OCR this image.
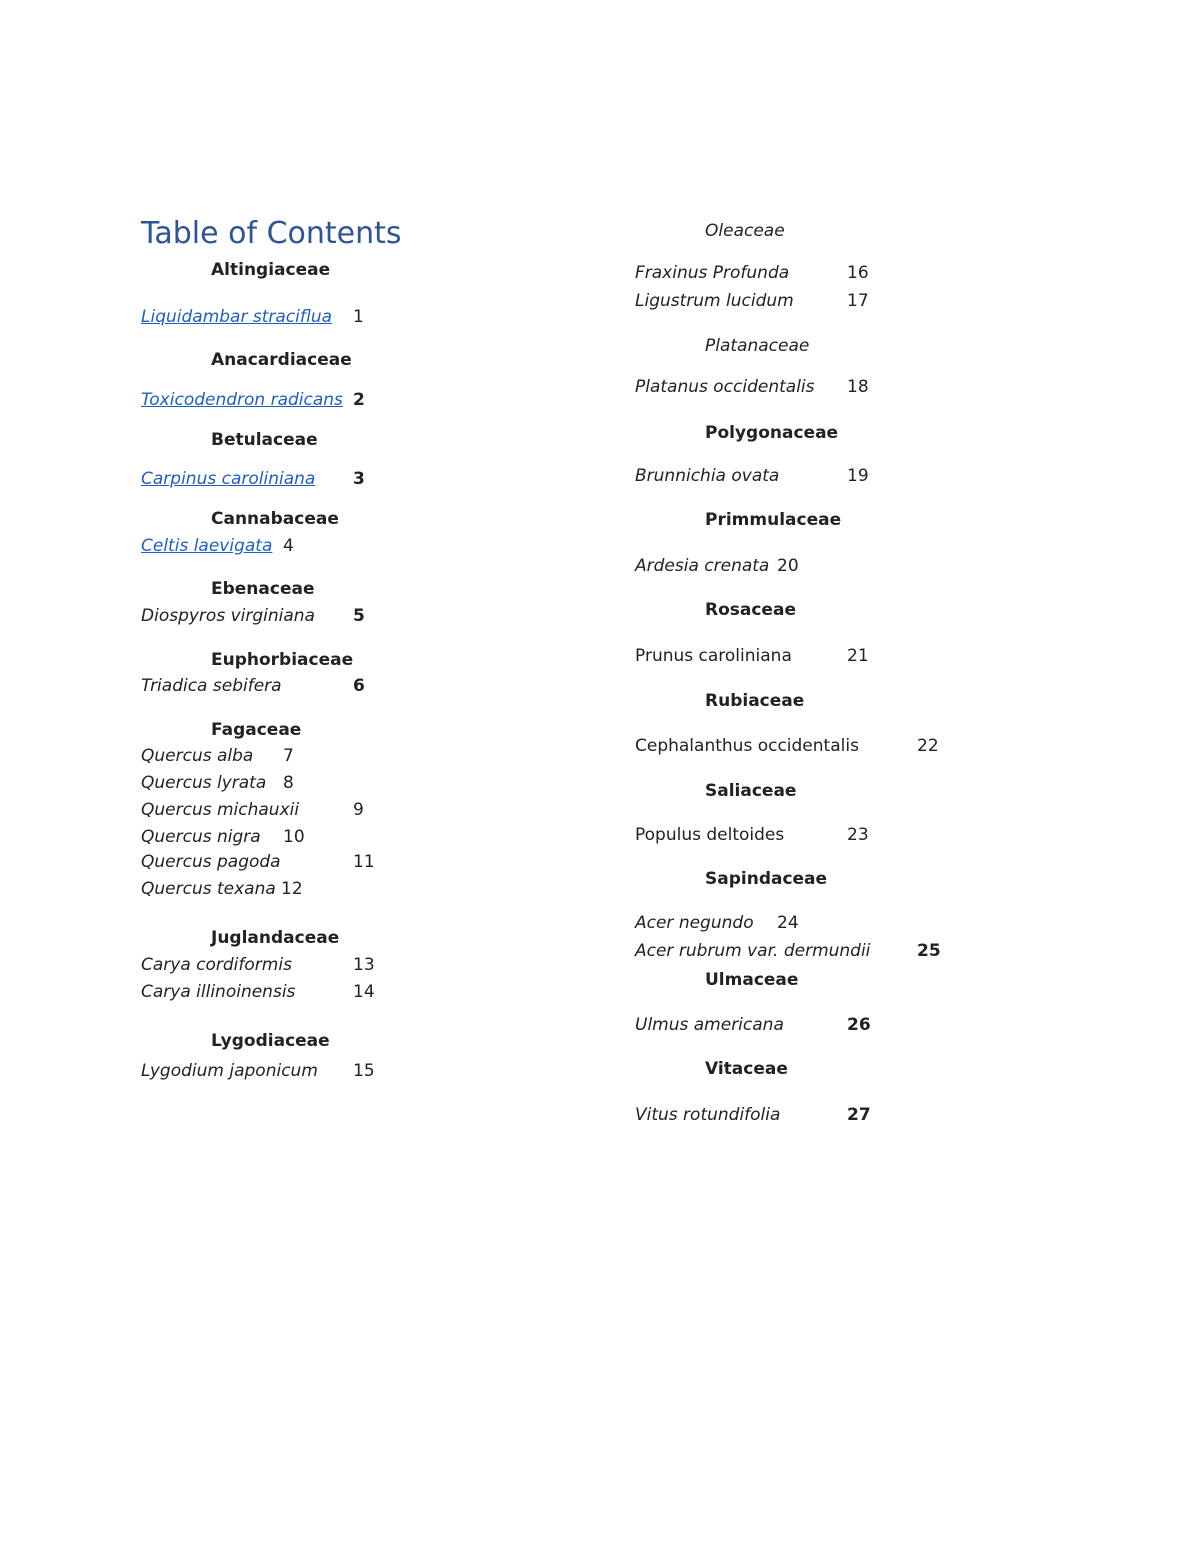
Table of Contents
Altingiaceae
Liquidambar straciflua 1
Anacardiaceae
Toxicodendron radicans 2
Betulaceae
Carpinus caroliniana 3
Cannabaceae
Celtis laevigata 4
Ebenaceae
Diospyros virginiana 5
Euphorbiaceae
Triadica sebifera	6
Fagaceae
Quercus alba 7
Quercus lyrata 8
Quercus michauxii	9
Quercus nigra 10
Quercus pagoda	11
Quercus texana 12
Juglandaceae
Carya cordiformis	13
Carya illinoinensis	14
Lygodiaceae
Lygodium japonicum 15
Oleaceae
Fraxinus Profunda	16
Ligustrum lucidum	17
Platanaceae
Platanus occidentalis 18
Polygonaceae
Brunnichia ovata	19
Primmulaceae
Ardesia crenata 20
Rosaceae
Prunus caroliniana	21
Rubiaceae
Cephalanthus occidentalis	22
Saliaceae
Populus deltoides	23
Sapindaceae
Acer negundo 24
Acer rubrum var. dermundii	25
Ulmaceae
Ulmus americana	26
Vitaceae
Vitus rotundifolia	27
